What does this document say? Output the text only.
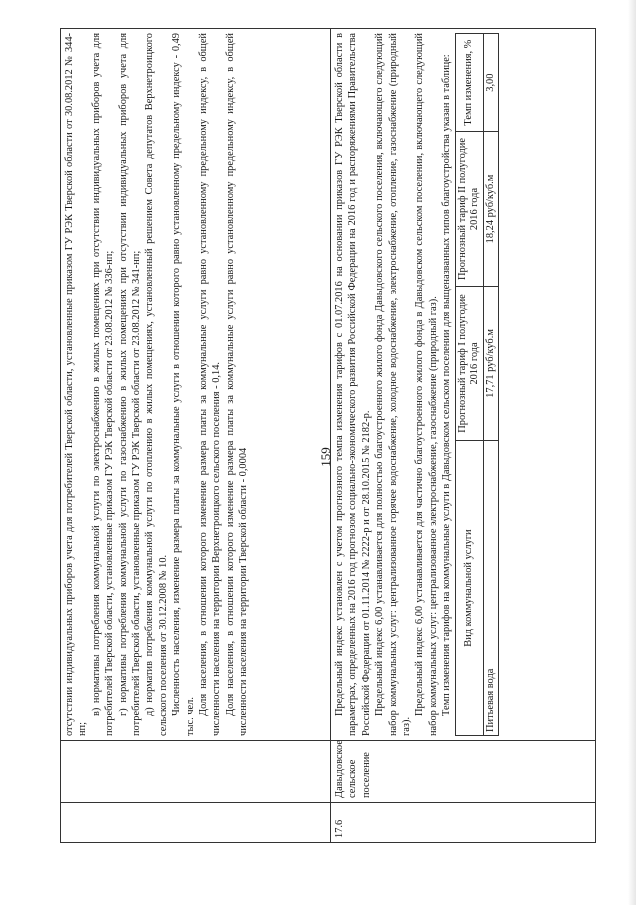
159

отсутствии индивидуальных приборов учета для потребителей Тверской области, установленные приказом ГУ РЭК Тверской области от 30.08.2012 № 344-нп;

в) нормативы потребления коммунальной услуги по электроснабжению в жилых помещениях при отсутствии индивидуальных приборов учета для потребителей Тверской области, установленные приказом ГУ РЭК Тверской области от 23.08.2012 № 336-нп; г) нормативы потребления коммунальной услуги по газоснабжению в жилых помещениях при отсутствии индивидуальных приборов учета для потребителей Тверской области, установленные приказом ГУ РЭК Тверской области от 23.08.2012 № 341-нп; д) норматив потребления коммунальной услуги по отоплению в жилых помещениях, установленный решением Совета депутатов Верхнетроицкого сельского поселения от 30.12.2008 № 10. Численность населения, изменение размера платы за коммунальные услуги в отношении которого равно установленному предельному индексу - 0,49 тыс. чел.

Доля населения, в отношении которого изменение размера платы за коммунальные услуги равно установленному предельному индексу, в общей численности населения на территории Верхнетроицкого сельского поселения - 0,14. Доля населения, в отношении которого изменение размера платы за коммунальные услуги равно установленному предельному индексу, в общей численности населения на территории Тверской области - 0,0004

17.6	Давыдовское сельское поселение	

Предельный индекс установлен с учетом прогнозного темпа изменения тарифов с 01.07.2016 на основании приказов ГУ РЭК Тверской области в параметрах, определенных на 2016 год прогнозом социально-экономического развития Российской Федерации на 2016 год и распоряжениями Правительства Российской Федерации от 01.11.2014 № 2222-р и от 28.10.2015 № 2182-р. Предельный индекс 6,00 устанавливается для полностью благоустроенного жилого фонда Давыдовского сельского поселения, включающего следующий набор коммунальных услуг: централизованное горячее водоснабжение, холодное водоснабжение, электроснабжение, отопление, газоснабжение (природный газ).

Предельный индекс 6,00 устанавливается для частично благоустроенного жилого фонда в Давыдовском сельском поселении, включающего следующий набор коммунальных услуг: централизованное электроснабжение, газоснабжение (природный газ). Темп изменения тарифов на коммунальные услуги в Давыдовском сельском поселении для выщеназванных типов благоустройства указан в таблице: Вид коммунальной услуги	Прогнозный тариф I полугодие 2016 года	Прогнозный тариф II полугодие 2016 года	Темп изменения, %
Питьевая вода	17,71 руб/куб.м	18,24 руб/куб.м	3,00
